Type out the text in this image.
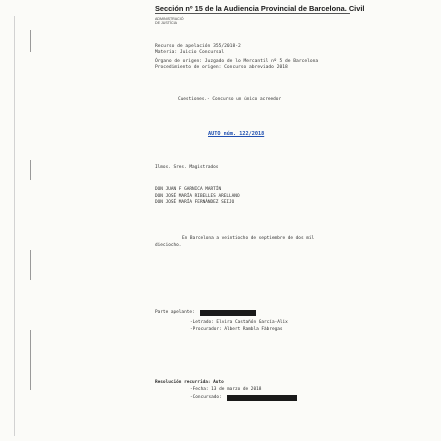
Sección nº 15 de la Audiencia Provincial de Barcelona. Civil
ADMINISTRACIÓ
DE JUSTÍCIA
Recurso de apelación 355/2018-2
Materia: Juicio Concursal
Órgano de origen: Juzgado de lo Mercantil nº 5 de Barcelona
Procedimiento de origen: Concurso abreviado 2018
Cuestiones.- Concurso un único acreedor
AUTO núm. 122/2018
Ilmos. Sres. Magistrados
DON JUAN F GARNICA MARTÍN
DON JOSÉ MARÍA RIBELLES ARELLANO
DON JOSÉ MARÍA FERNÁNDEZ SEIJO
En Barcelona a veintiocho de septiembre de dos mil
dieciocho.
Parte apelante:
-Letrado: Elvira Castañón García-Alix
-Procurador: Albert Rambla Fàbregas
Resolución recurrida: Auto
-Fecha: 13 de marzo de 2018
-Concursado:
